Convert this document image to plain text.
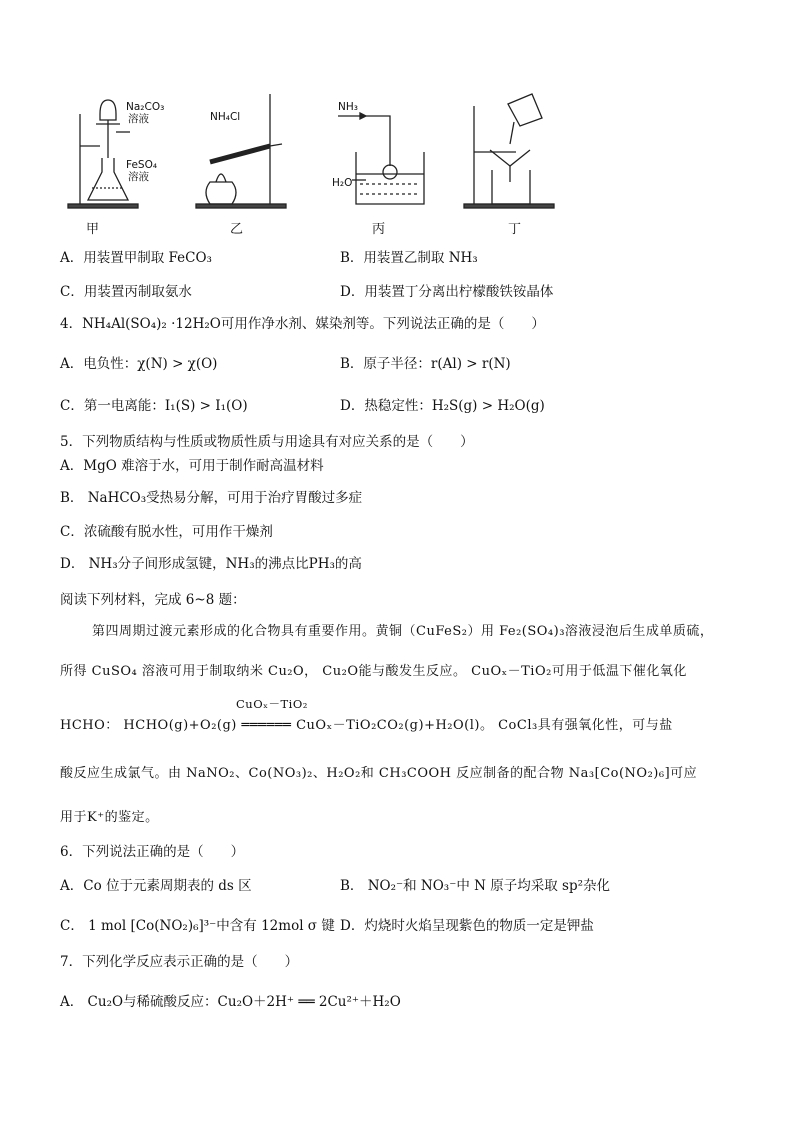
Na₂CO₃
溶液
FeSO₄
溶液
NH₄Cl
NH₃
H₂O
甲	乙	丙	丁
A．用装置甲制取 FeCO₃	B．用装置乙制取 NH₃
C．用装置丙制取氨水	D．用装置丁分离出柠檬酸铁铵晶体
4．NH₄Al(SO₄)₂ ·12H₂O可用作净水剂、媒染剂等。下列说法正确的是（　　）
A．电负性：χ(N) > χ(O)	B．原子半径：r(Al) > r(N)
C．第一电离能：I₁(S) > I₁(O)	D．热稳定性：H₂S(g) > H₂O(g)
5．下列物质结构与性质或物质性质与用途具有对应关系的是（　　）
A．MgO 难溶于水，可用于制作耐高温材料
B． NaHCO₃受热易分解，可用于治疗胃酸过多症
C．浓硫酸有脱水性，可用作干燥剂
D． NH₃分子间形成氢键，NH₃的沸点比PH₃的高
阅读下列材料，完成 6~8 题：
第四周期过渡元素形成的化合物具有重要作用。黄铜（CuFeS₂）用 Fe₂(SO₄)₃溶液浸泡后生成单质硫，
所得 CuSO₄ 溶液可用于制取纳米 Cu₂O， Cu₂O能与酸发生反应。 CuOₓ－TiO₂可用于低温下催化氧化
CuOₓ－TiO₂
HCHO： HCHO(g)+O₂(g) ══════ CuOₓ－TiO₂CO₂(g)+H₂O(l)。 CoCl₃具有强氧化性，可与盐
酸反应生成氯气。由 NaNO₂、Co(NO₃)₂、H₂O₂和 CH₃COOH 反应制备的配合物 Na₃[Co(NO₂)₆]可应
用于K⁺的鉴定。
6．下列说法正确的是（　　）
A．Co 位于元素周期表的 ds 区	B． NO₂⁻和 NO₃⁻中 N 原子均采取 sp²杂化
C． 1 mol [Co(NO₂)₆]³⁻中含有 12mol σ 键 D．灼烧时火焰呈现紫色的物质一定是钾盐
7．下列化学反应表示正确的是（　　）
A． Cu₂O与稀硫酸反应：Cu₂O＋2H⁺ ══ 2Cu²⁺＋H₂O
